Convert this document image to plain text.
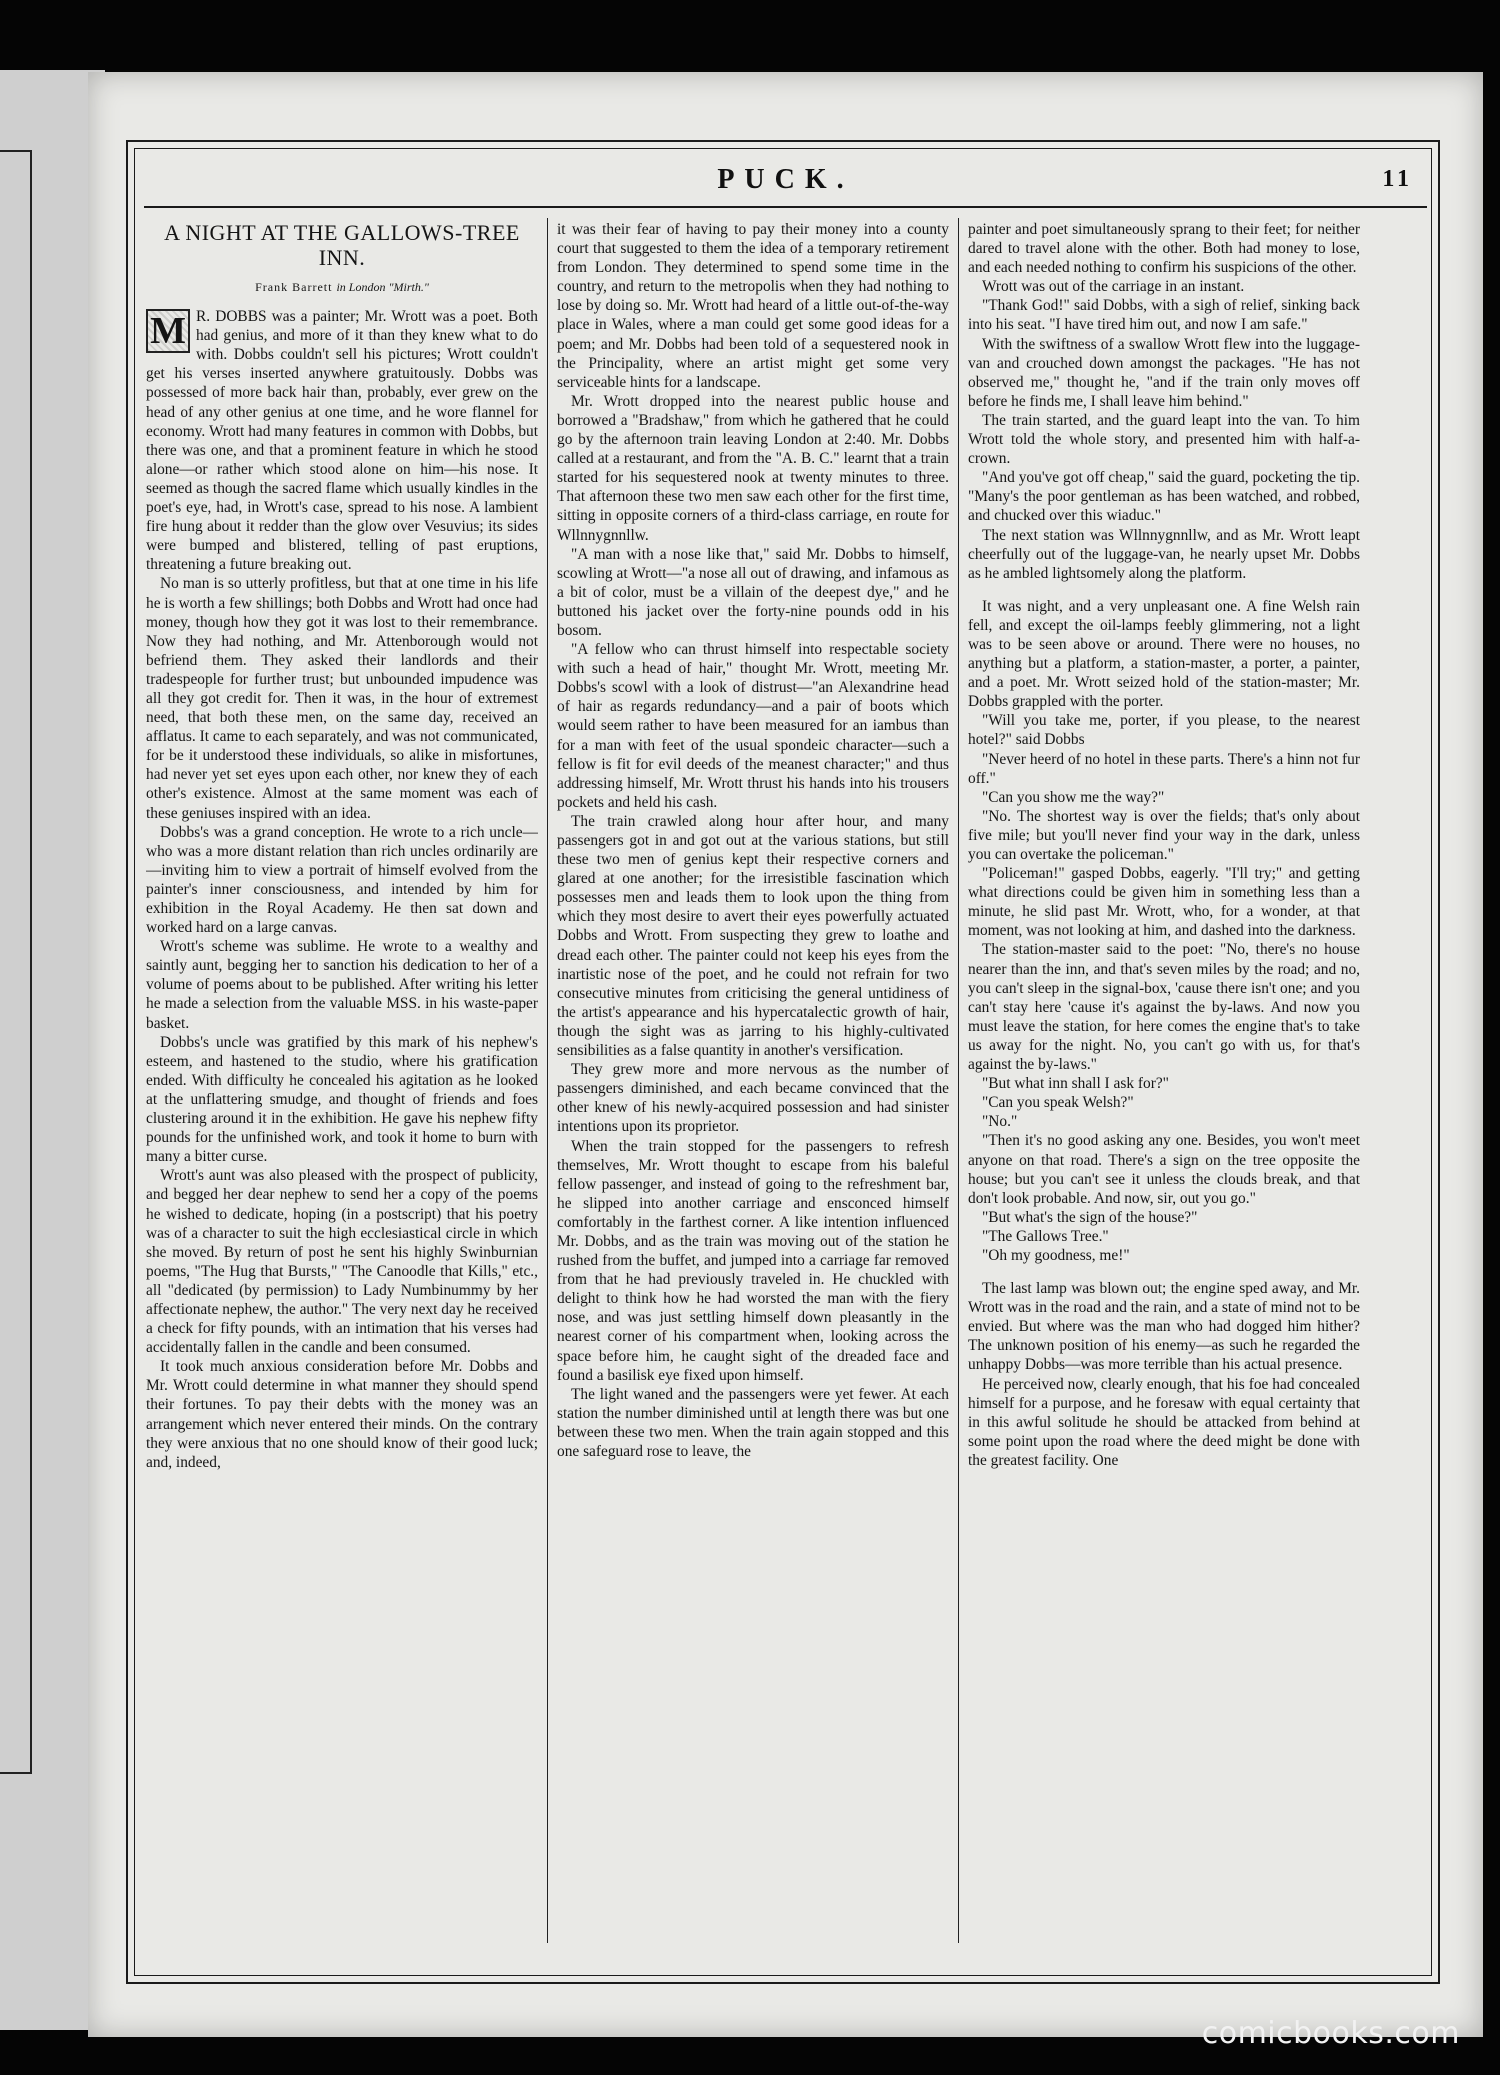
PUCK.	11
A NIGHT AT THE GALLOWS-TREE INN.
Frank Barrett in London "Mirth."
M R. DOBBS was a painter; Mr. Wrott was a poet. Both had genius, and more of it than they knew what to do with. Dobbs couldn't sell his pictures; Wrott couldn't get his verses inserted anywhere gratuitously. Dobbs was possessed of more back hair than, probably, ever grew on the head of any other genius at one time, and he wore flannel for economy. Wrott had many features in common with Dobbs, but there was one, and that a prominent feature in which he stood alone—or rather which stood alone on him—his nose. It seemed as though the sacred flame which usually kindles in the poet's eye, had, in Wrott's case, spread to his nose. A lambient fire hung about it redder than the glow over Vesuvius; its sides were bumped and blistered, telling of past eruptions, threatening a future breaking out.

No man is so utterly profitless, but that at one time in his life he is worth a few shillings; both Dobbs and Wrott had once had money, though how they got it was lost to their remembrance. Now they had nothing, and Mr. Attenborough would not befriend them. They asked their landlords and their tradespeople for further trust; but unbounded impudence was all they got credit for. Then it was, in the hour of extremest need, that both these men, on the same day, received an afflatus. It came to each separately, and was not communicated, for be it understood these individuals, so alike in misfortunes, had never yet set eyes upon each other, nor knew they of each other's existence. Almost at the same moment was each of these geniuses inspired with an idea.

Dobbs's was a grand conception. He wrote to a rich uncle—who was a more distant relation than rich uncles ordinarily are—inviting him to view a portrait of himself evolved from the painter's inner consciousness, and intended by him for exhibition in the Royal Academy. He then sat down and worked hard on a large canvas.

Wrott's scheme was sublime. He wrote to a wealthy and saintly aunt, begging her to sanction his dedication to her of a volume of poems about to be published. After writing his letter he made a selection from the valuable MSS. in his waste-paper basket.

Dobbs's uncle was gratified by this mark of his nephew's esteem, and hastened to the studio, where his gratification ended. With difficulty he concealed his agitation as he looked at the unflattering smudge, and thought of friends and foes clustering around it in the exhibition. He gave his nephew fifty pounds for the unfinished work, and took it home to burn with many a bitter curse.

Wrott's aunt was also pleased with the prospect of publicity, and begged her dear nephew to send her a copy of the poems he wished to dedicate, hoping (in a postscript) that his poetry was of a character to suit the high ecclesiastical circle in which she moved. By return of post he sent his highly Swinburnian poems, "The Hug that Bursts," "The Canoodle that Kills," etc., all "dedicated (by permission) to Lady Numbinummy by her affectionate nephew, the author." The very next day he received a check for fifty pounds, with an intimation that his verses had accidentally fallen in the candle and been consumed.

It took much anxious consideration before Mr. Dobbs and Mr. Wrott could determine in what manner they should spend their fortunes. To pay their debts with the money was an arrangement which never entered their minds. On the contrary they were anxious that no one should know of their good luck; and, indeed,

it was their fear of having to pay their money into a county court that suggested to them the idea of a temporary retirement from London. They determined to spend some time in the country, and return to the metropolis when they had nothing to lose by doing so. Mr. Wrott had heard of a little out-of-the-way place in Wales, where a man could get some good ideas for a poem; and Mr. Dobbs had been told of a sequestered nook in the Principality, where an artist might get some very serviceable hints for a landscape.

Mr. Wrott dropped into the nearest public house and borrowed a "Bradshaw," from which he gathered that he could go by the afternoon train leaving London at 2:40. Mr. Dobbs called at a restaurant, and from the "A. B. C." learnt that a train started for his sequestered nook at twenty minutes to three. That afternoon these two men saw each other for the first time, sitting in opposite corners of a third-class carriage, en route for Wllnnygnnllw.

"A man with a nose like that," said Mr. Dobbs to himself, scowling at Wrott—"a nose all out of drawing, and infamous as a bit of color, must be a villain of the deepest dye," and he buttoned his jacket over the forty-nine pounds odd in his bosom.

"A fellow who can thrust himself into respectable society with such a head of hair," thought Mr. Wrott, meeting Mr. Dobbs's scowl with a look of distrust—"an Alexandrine head of hair as regards redundancy—and a pair of boots which would seem rather to have been measured for an iambus than for a man with feet of the usual spondeic character—such a fellow is fit for evil deeds of the meanest character;" and thus addressing himself, Mr. Wrott thrust his hands into his trousers pockets and held his cash.

The train crawled along hour after hour, and many passengers got in and got out at the various stations, but still these two men of genius kept their respective corners and glared at one another; for the irresistible fascination which possesses men and leads them to look upon the thing from which they most desire to avert their eyes powerfully actuated Dobbs and Wrott. From suspecting they grew to loathe and dread each other. The painter could not keep his eyes from the inartistic nose of the poet, and he could not refrain for two consecutive minutes from criticising the general untidiness of the artist's appearance and his hypercatalectic growth of hair, though the sight was as jarring to his highly-cultivated sensibilities as a false quantity in another's versification.

They grew more and more nervous as the number of passengers diminished, and each became convinced that the other knew of his newly-acquired possession and had sinister intentions upon its proprietor.

When the train stopped for the passengers to refresh themselves, Mr. Wrott thought to escape from his baleful fellow passenger, and instead of going to the refreshment bar, he slipped into another carriage and ensconced himself comfortably in the farthest corner. A like intention influenced Mr. Dobbs, and as the train was moving out of the station he rushed from the buffet, and jumped into a carriage far removed from that he had previously traveled in. He chuckled with delight to think how he had worsted the man with the fiery nose, and was just settling himself down pleasantly in the nearest corner of his compartment when, looking across the space before him, he caught sight of the dreaded face and found a basilisk eye fixed upon himself.

The light waned and the passengers were yet fewer. At each station the number diminished until at length there was but one between these two men. When the train again stopped and this one safeguard rose to leave, the

painter and poet simultaneously sprang to their feet; for neither dared to travel alone with the other. Both had money to lose, and each needed nothing to confirm his suspicions of the other.

Wrott was out of the carriage in an instant.

"Thank God!" said Dobbs, with a sigh of relief, sinking back into his seat. "I have tired him out, and now I am safe."

With the swiftness of a swallow Wrott flew into the luggage-van and crouched down amongst the packages. "He has not observed me," thought he, "and if the train only moves off before he finds me, I shall leave him behind."

The train started, and the guard leapt into the van. To him Wrott told the whole story, and presented him with half-a-crown.

"And you've got off cheap," said the guard, pocketing the tip. "Many's the poor gentleman as has been watched, and robbed, and chucked over this wiaduc."

The next station was Wllnnygnnllw, and as Mr. Wrott leapt cheerfully out of the luggage-van, he nearly upset Mr. Dobbs as he ambled lightsomely along the platform.

It was night, and a very unpleasant one. A fine Welsh rain fell, and except the oil-lamps feebly glimmering, not a light was to be seen above or around. There were no houses, no anything but a platform, a station-master, a porter, a painter, and a poet. Mr. Wrott seized hold of the station-master; Mr. Dobbs grappled with the porter.

"Will you take me, porter, if you please, to the nearest hotel?" said Dobbs

"Never heerd of no hotel in these parts. There's a hinn not fur off."

"Can you show me the way?"

"No. The shortest way is over the fields; that's only about five mile; but you'll never find your way in the dark, unless you can overtake the policeman."

"Policeman!" gasped Dobbs, eagerly. "I'll try;" and getting what directions could be given him in something less than a minute, he slid past Mr. Wrott, who, for a wonder, at that moment, was not looking at him, and dashed into the darkness.

The station-master said to the poet: "No, there's no house nearer than the inn, and that's seven miles by the road; and no, you can't sleep in the signal-box, 'cause there isn't one; and you can't stay here 'cause it's against the by-laws. And now you must leave the station, for here comes the engine that's to take us away for the night. No, you can't go with us, for that's against the by-laws."

"But what inn shall I ask for?"

"Can you speak Welsh?"

"No."

"Then it's no good asking any one. Besides, you won't meet anyone on that road. There's a sign on the tree opposite the house; but you can't see it unless the clouds break, and that don't look probable. And now, sir, out you go."

"But what's the sign of the house?"

"The Gallows Tree."

"Oh my goodness, me!"

The last lamp was blown out; the engine sped away, and Mr. Wrott was in the road and the rain, and a state of mind not to be envied. But where was the man who had dogged him hither? The unknown position of his enemy—as such he regarded the unhappy Dobbs—was more terrible than his actual presence.

He perceived now, clearly enough, that his foe had concealed himself for a purpose, and he foresaw with equal certainty that in this awful solitude he should be attacked from behind at some point upon the road where the deed might be done with the greatest facility. One

comicbooks.com
